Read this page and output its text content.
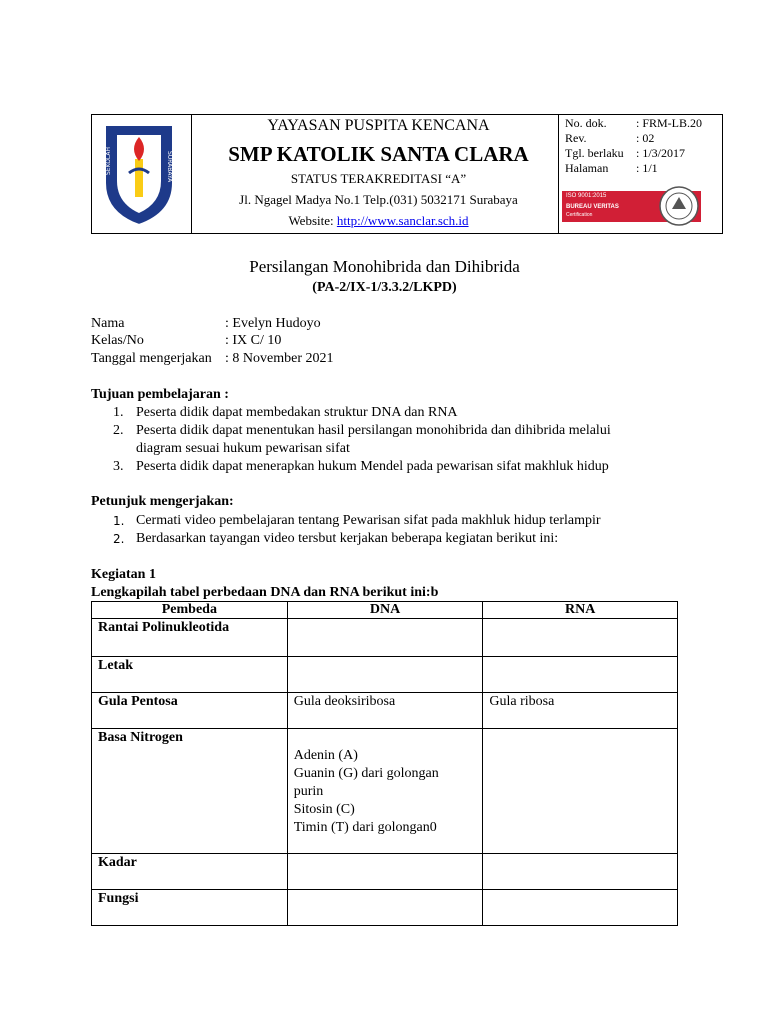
SEKOLAH	SURABAYA
YAYASAN PUSPITA KENCANA
SMP KATOLIK SANTA CLARA
STATUS TERAKREDITASI “A”
Jl. Ngagel Madya No.1 Telp.(031) 5032171 Surabaya
Website: http://www.sanclar.sch.id
No. dok. : FRM-LB.20
Rev.	: 02
Tgl. berlaku : 1/3/2017
Halaman : 1/1
ISO 9001:2015
BUREAU VERITAS
Certification
Persilangan Monohibrida dan Dihibrida
(PA-2/IX-1/3.3.2/LKPD)
Nama	: Evelyn Hudoyo
Kelas/No	: IX C/ 10
Tanggal mengerjakan : 8 November 2021
Tujuan pembelajaran :
1. Peserta didik dapat membedakan struktur DNA dan RNA
2. Peserta didik dapat menentukan hasil persilangan monohibrida dan dihibrida melalui
diagram sesuai hukum pewarisan sifat
3. Peserta didik dapat menerapkan hukum Mendel pada pewarisan sifat makhluk hidup
Petunjuk mengerjakan:
1. Cermati video pembelajaran tentang Pewarisan sifat pada makhluk hidup terlampir
2. Berdasarkan tayangan video tersbut kerjakan beberapa kegiatan berikut ini:
Kegiatan 1
Lengkapilah tabel perbedaan DNA dan RNA berikut ini:b
Pembeda	DNA	RNA
Rantai Polinukleotida		
Letak		
Gula Pentosa	Gula deoksiribosa	Gula ribosa

Basa Nitrogen	Adenin (A)
Guanin (G) dari golongan
purin
Sitosin (C)
Timin (T) dari golongan0	

Kadar		
Fungsi		
